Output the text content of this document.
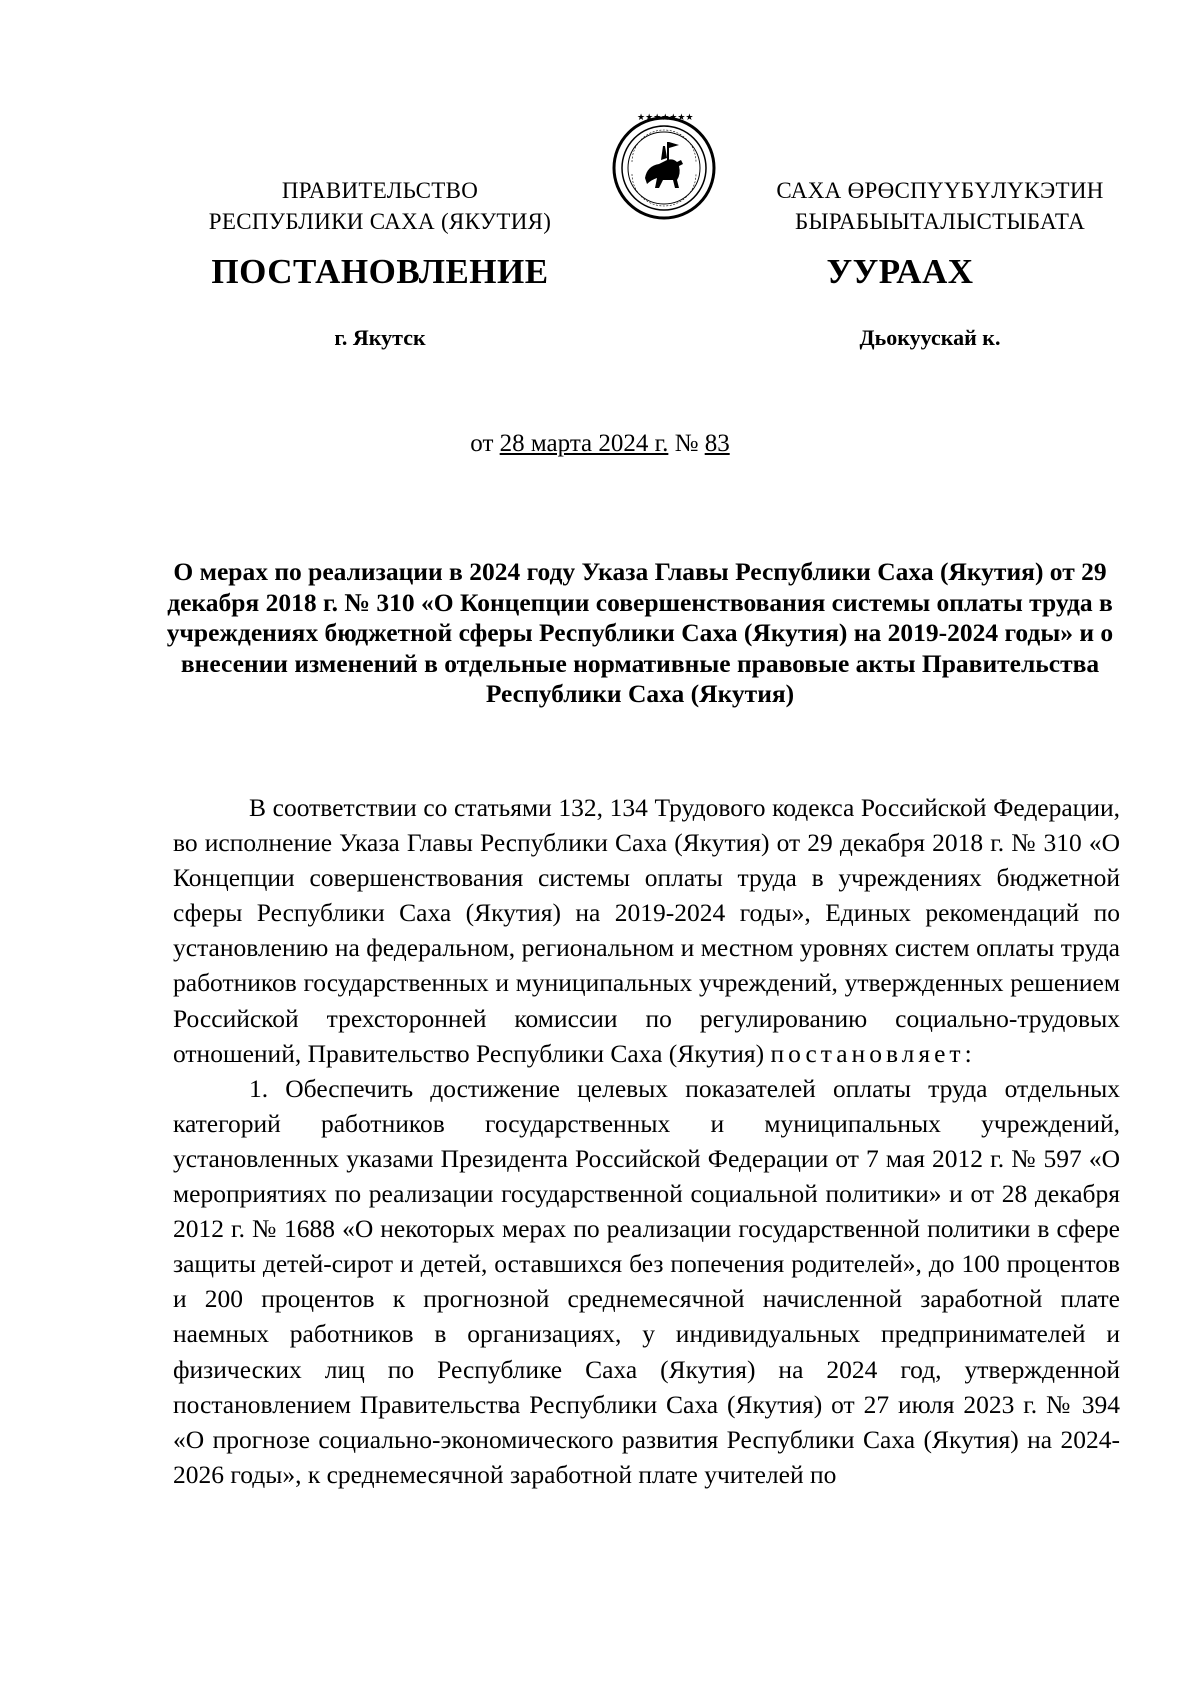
ПРАВИТЕЛЬСТВО
РЕСПУБЛИКИ САХА (ЯКУТИЯ)
★★★★★★★
САХА ӨРӨСПҮҮБҮЛҮКЭТИН
БЫРАБЫЫТАЛЫСТЫБАТА
ПОСТАНОВЛЕНИЕ	УУРААХ
г. Якутск	Дьокуускай к.
от 28 марта 2024 г. № 83
О мерах по реализации в 2024 году Указа Главы Республики Саха (Якутия) от 29 декабря 2018 г. № 310 «О Концепции совершенствования системы оплаты труда в учреждениях бюджетной сферы Республики Саха (Якутия) на 2019-2024 годы» и о внесении изменений в отдельные нормативные правовые акты Правительства Республики Саха (Якутия)

В соответствии со статьями 132, 134 Трудового кодекса Российской Федерации, во исполнение Указа Главы Республики Саха (Якутия) от 29 декабря 2018 г. № 310 «О Концепции совершенствования системы оплаты труда в учреждениях бюджетной сферы Республики Саха (Якутия) на 2019-2024 годы», Единых рекомендаций по установлению на федеральном, региональном и местном уровнях систем оплаты труда работников государственных и муниципальных учреждений, утвержденных решением Российской трехсторонней комиссии по регулированию социально-трудовых отношений, Правительство Республики Саха (Якутия) постановляет:

1. Обеспечить достижение целевых показателей оплаты труда отдельных категорий работников государственных и муниципальных учреждений, установленных указами Президента Российской Федерации от 7 мая 2012 г. № 597 «О мероприятиях по реализации государственной социальной политики» и от 28 декабря 2012 г. № 1688 «О некоторых мерах по реализации государственной политики в сфере защиты детей-сирот и детей, оставшихся без попечения родителей», до 100 процентов и 200 процентов к прогнозной среднемесячной начисленной заработной плате наемных работников в организациях, у индивидуальных предпринимателей и физических лиц по Республике Саха (Якутия) на 2024 год, утвержденной постановлением Правительства Республики Саха (Якутия) от 27 июля 2023 г. № 394 «О прогнозе социально-экономического развития Республики Саха (Якутия) на 2024-2026 годы», к среднемесячной заработной плате учителей по
